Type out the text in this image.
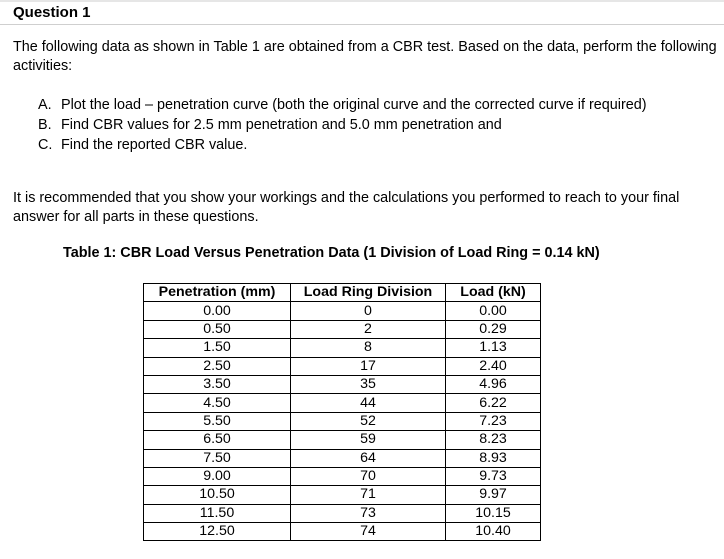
Question 1
The following data as shown in Table 1 are obtained from a CBR test. Based on the data, perform the following activities:
A. Plot the load – penetration curve (both the original curve and the corrected curve if required)
B. Find CBR values for 2.5 mm penetration and 5.0 mm penetration and
C. Find the reported CBR value.
It is recommended that you show your workings and the calculations you performed to reach to your final answer for all parts in these questions.
Table 1: CBR Load Versus Penetration Data (1 Division of Load Ring = 0.14 kN)
Penetration (mm)	Load Ring Division	Load (kN)
0.00	0	0.00
0.50	2	0.29
1.50	8	1.13
2.50	17	2.40
3.50	35	4.96
4.50	44	6.22
5.50	52	7.23
6.50	59	8.23
7.50	64	8.93
9.00	70	9.73
10.50	71	9.97
11.50	73	10.15
12.50	74	10.40
